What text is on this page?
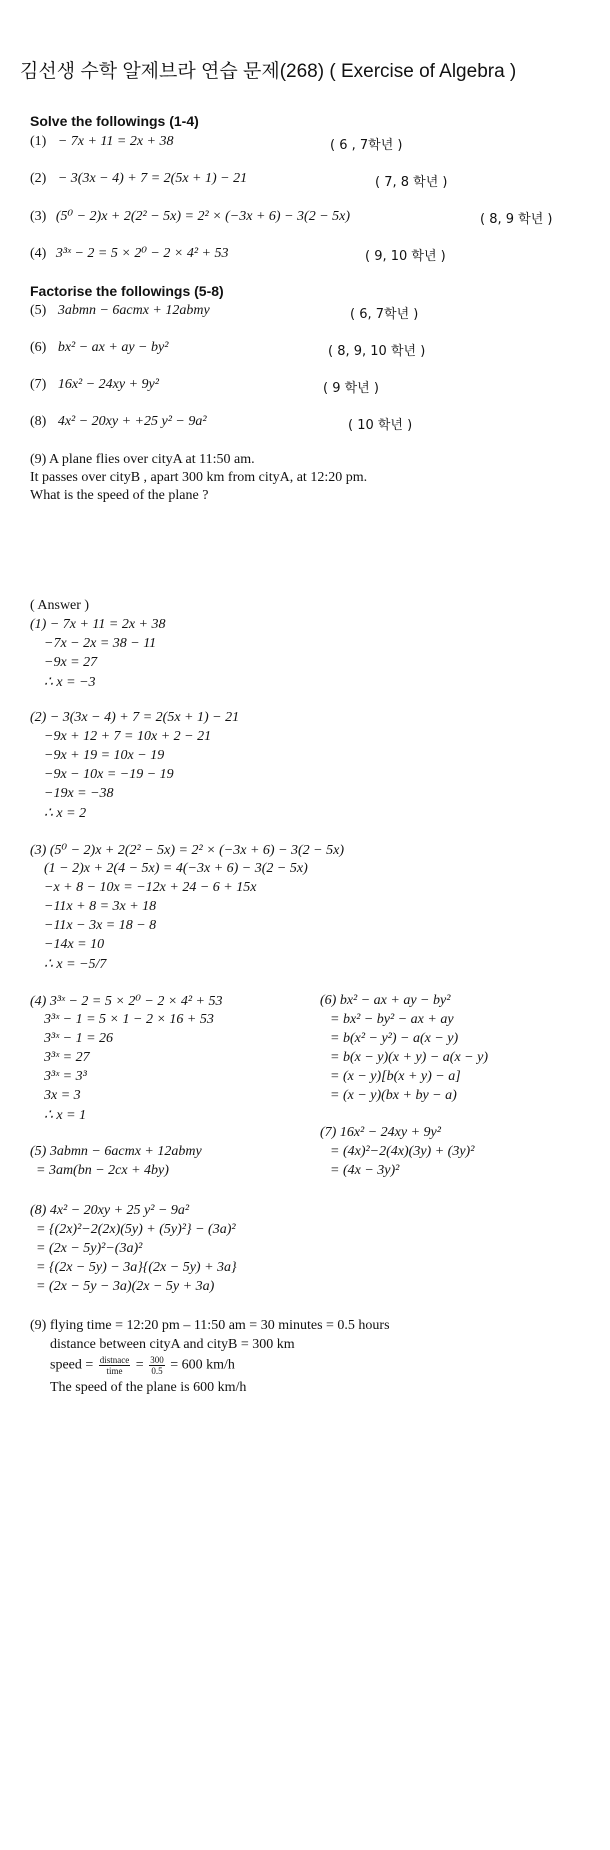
김선생 수학 알제브라 연습 문제(268) ( Exercise of Algebra )
Solve the followings (1-4)
(1) − 7x + 11 = 2x + 38	( 6 , 7학년 )
(2) − 3(3x − 4) + 7 = 2(5x + 1) − 21	( 7, 8 학년 )
(3) (5⁰ − 2)x + 2(2² − 5x) = 2² × (−3x + 6) − 3(2 − 5x)	( 8, 9 학년 )
(4) 3³ˣ − 2 = 5 × 2⁰ − 2 × 4² + 53	( 9, 10 학년 )
Factorise the followings (5-8)
(5) 3abmn − 6acmx + 12abmy	( 6, 7학년 )
(6) bx² − ax + ay − by²	( 8, 9, 10 학년 )
(7) 16x² − 24xy + 9y²	( 9 학년 )
(8) 4x² − 20xy + +25 y² − 9a²	( 10 학년 )
(9) A plane flies over cityA at 11:50 am.
It passes over cityB , apart 300 km from cityA, at 12:20 pm.
What is the speed of the plane ?
( Answer )
(1) − 7x + 11 = 2x + 38
−7x − 2x = 38 − 11
−9x = 27
∴ x = −3
(2) − 3(3x − 4) + 7 = 2(5x + 1) − 21
−9x + 12 + 7 = 10x + 2 − 21
−9x + 19 = 10x − 19
−9x − 10x = −19 − 19
−19x = −38
∴ x = 2
(3) (5⁰ − 2)x + 2(2² − 5x) = 2² × (−3x + 6) − 3(2 − 5x)
(1 − 2)x + 2(4 − 5x) = 4(−3x + 6) − 3(2 − 5x)
−x + 8 − 10x = −12x + 24 − 6 + 15x
−11x + 8 = 3x + 18
−11x − 3x = 18 − 8
−14x = 10
∴ x = −5/7
(4) 3³ˣ − 2 = 5 × 2⁰ − 2 × 4² + 53
3³ˣ − 1 = 5 × 1 − 2 × 16 + 53
3³ˣ − 1 = 26
3³ˣ = 27
3³ˣ = 3³
3x = 3
∴ x = 1
(5) 3abmn − 6acmx + 12abmy
= 3am(bn − 2cx + 4by)
(6) bx² − ax + ay − by²
= bx² − by² − ax + ay
= b(x² − y²) − a(x − y)
= b(x − y)(x + y) − a(x − y)
= (x − y)[b(x + y) − a]
= (x − y)(bx + by − a)
(7) 16x² − 24xy + 9y²
= (4x)²−2(4x)(3y) + (3y)²
= (4x − 3y)²
(8) 4x² − 20xy + 25 y² − 9a²
= {(2x)²−2(2x)(5y) + (5y)²} − (3a)²
= (2x − 5y)²−(3a)²
= {(2x − 5y) − 3a}{(2x − 5y) + 3a}
= (2x − 5y − 3a)(2x − 5y + 3a)
(9) flying time = 12:20 pm – 11:50 am = 30 minutes = 0.5 hours
distance between cityA and cityB = 300 km
speed = $\frac{\text{distnace}}{\text{time}} = \frac{300}{0.5} = 600$ km/h
The speed of the plane is 600 km/h
